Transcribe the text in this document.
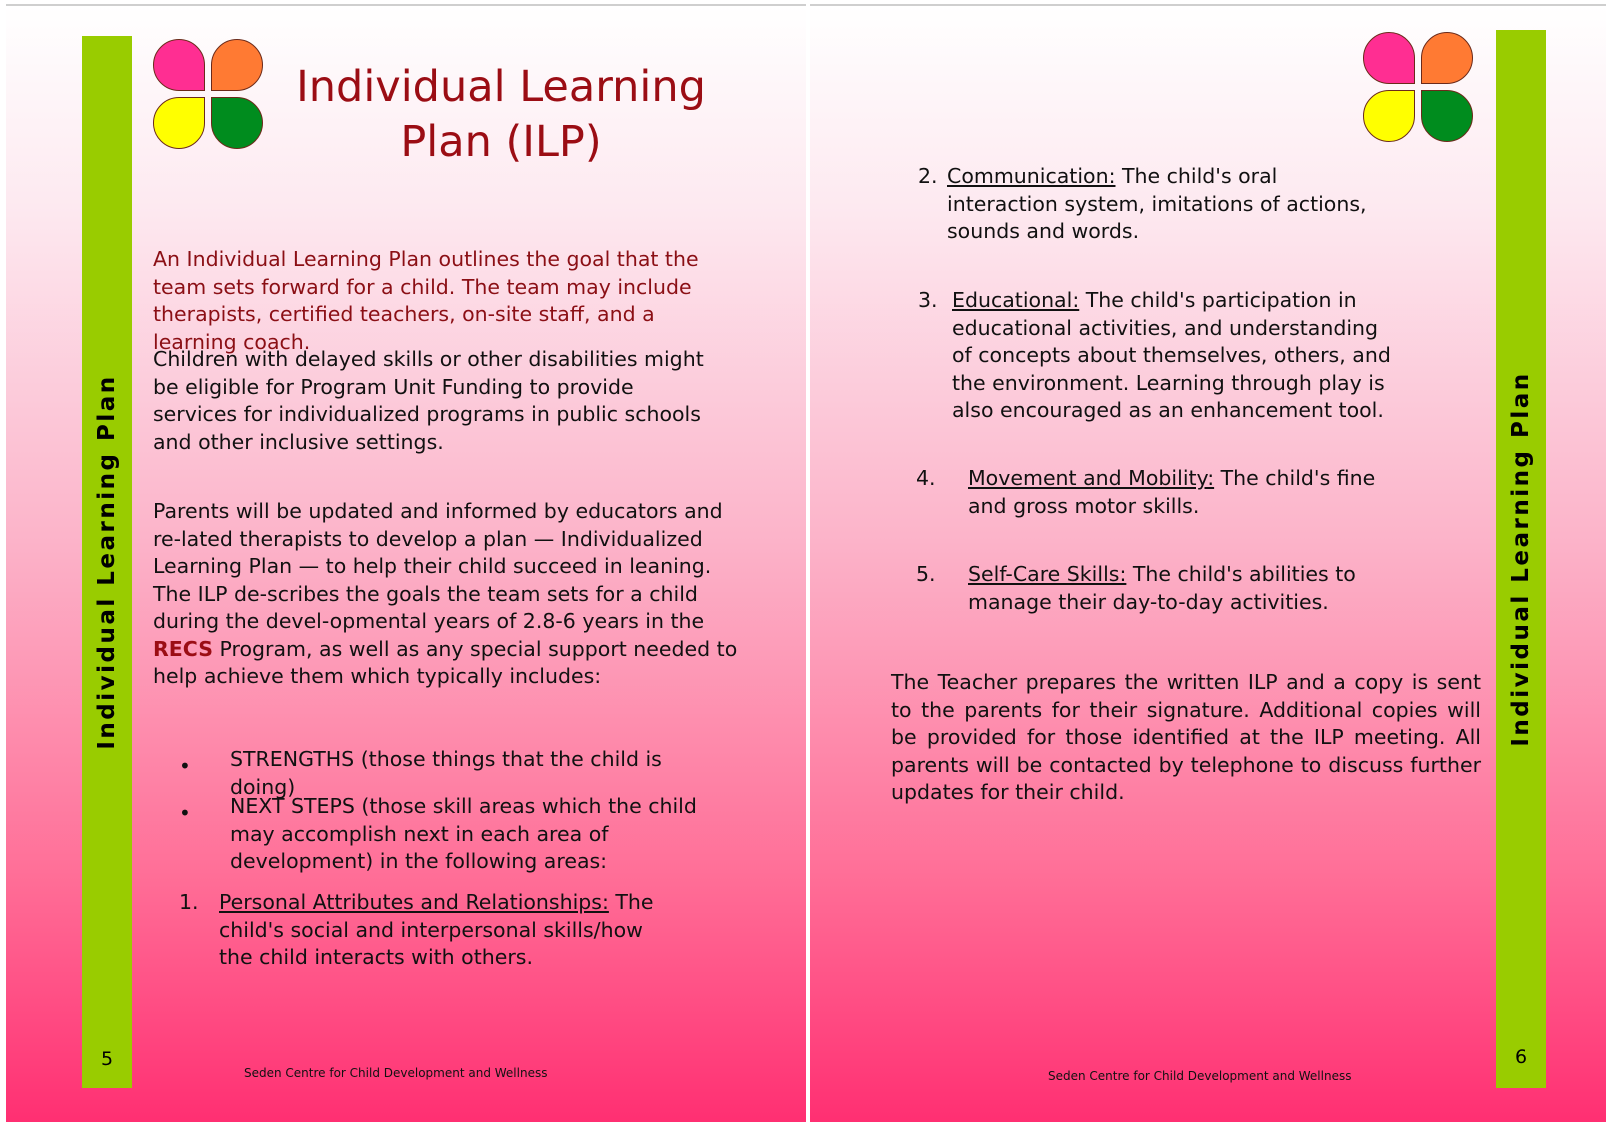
Individual Learning Plan
5
Individual Learning
Plan (ILP)
An Individual Learning Plan outlines the goal that the team sets forward for a child. The team may include therapists, certified teachers, on-site staff, and a learning coach.
Children with delayed skills or other disabilities might be eligible for Program Unit Funding to provide services for individualized programs in public schools and other inclusive settings.
Parents will be updated and informed by educators and re-lated therapists to develop a plan — Individualized Learning Plan — to help their child succeed in leaning. The ILP de-scribes the goals the team sets for a child during the devel-opmental years of 2.8-6 years in the RECS Program, as well as any special support needed to help achieve them which typically includes:
• STRENGTHS (those things that the child is doing)
• NEXT STEPS (those skill areas which the child may accomplish next in each area of development) in the following areas:
1. Personal Attributes and Relationships: The child's social and interpersonal skills/how the child interacts with others.
Seden Centre for Child Development and Wellness
Individual Learning Plan
6
2. Communication: The child's oral interaction system, imitations of actions, sounds and words.
3. Educational: The child's participation in educational activities, and understanding of concepts about themselves, others, and the environment. Learning through play is also encouraged as an enhancement tool.
4. Movement and Mobility: The child's fine and gross motor skills.
5. Self-Care Skills: The child's abilities to manage their day-to-day activities.
The Teacher prepares the written ILP and a copy is sent to the parents for their signature. Additional copies will be provided for those identified at the ILP meeting. All parents will be contacted by telephone to discuss further updates for their child.
Seden Centre for Child Development and Wellness
